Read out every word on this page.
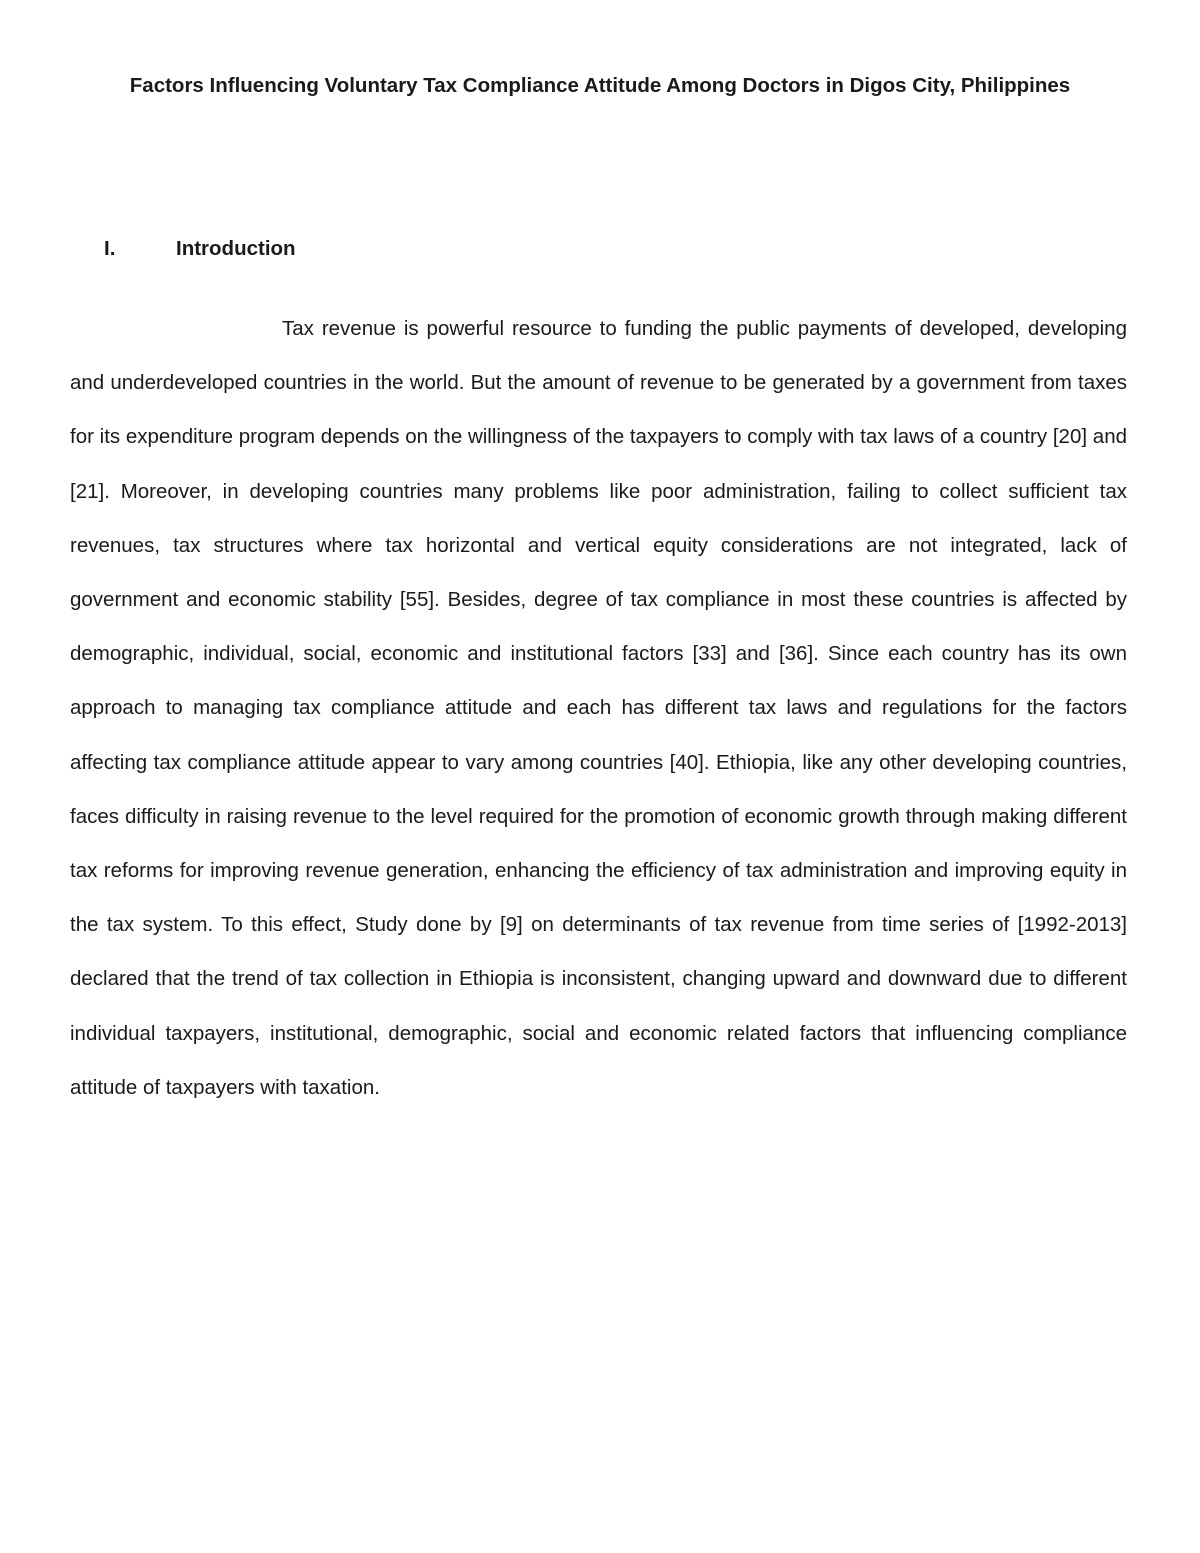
Factors Influencing Voluntary Tax Compliance Attitude Among Doctors in Digos City, Philippines
I.	Introduction

Tax revenue is powerful resource to funding the public payments of developed, developing and underdeveloped countries in the world. But the amount of revenue to be generated by a government from taxes for its expenditure program depends on the willingness of the taxpayers to comply with tax laws of a country [20] and [21]. Moreover, in developing countries many problems like poor administration, failing to collect sufficient tax revenues, tax structures where tax horizontal and vertical equity considerations are not integrated, lack of government and economic stability [55]. Besides, degree of tax compliance in most these countries is affected by demographic, individual, social, economic and institutional factors [33] and [36]. Since each country has its own approach to managing tax compliance attitude and each has different tax laws and regulations for the factors affecting tax compliance attitude appear to vary among countries [40]. Ethiopia, like any other developing countries, faces difficulty in raising revenue to the level required for the promotion of economic growth through making different tax reforms for improving revenue generation, enhancing the efficiency of tax administration and improving equity in the tax system. To this effect, Study done by [9] on determinants of tax revenue from time series of [1992-2013] declared that the trend of tax collection in Ethiopia is inconsistent, changing upward and downward due to different individual taxpayers, institutional, demographic, social and economic related factors that influencing compliance attitude of taxpayers with taxation.
